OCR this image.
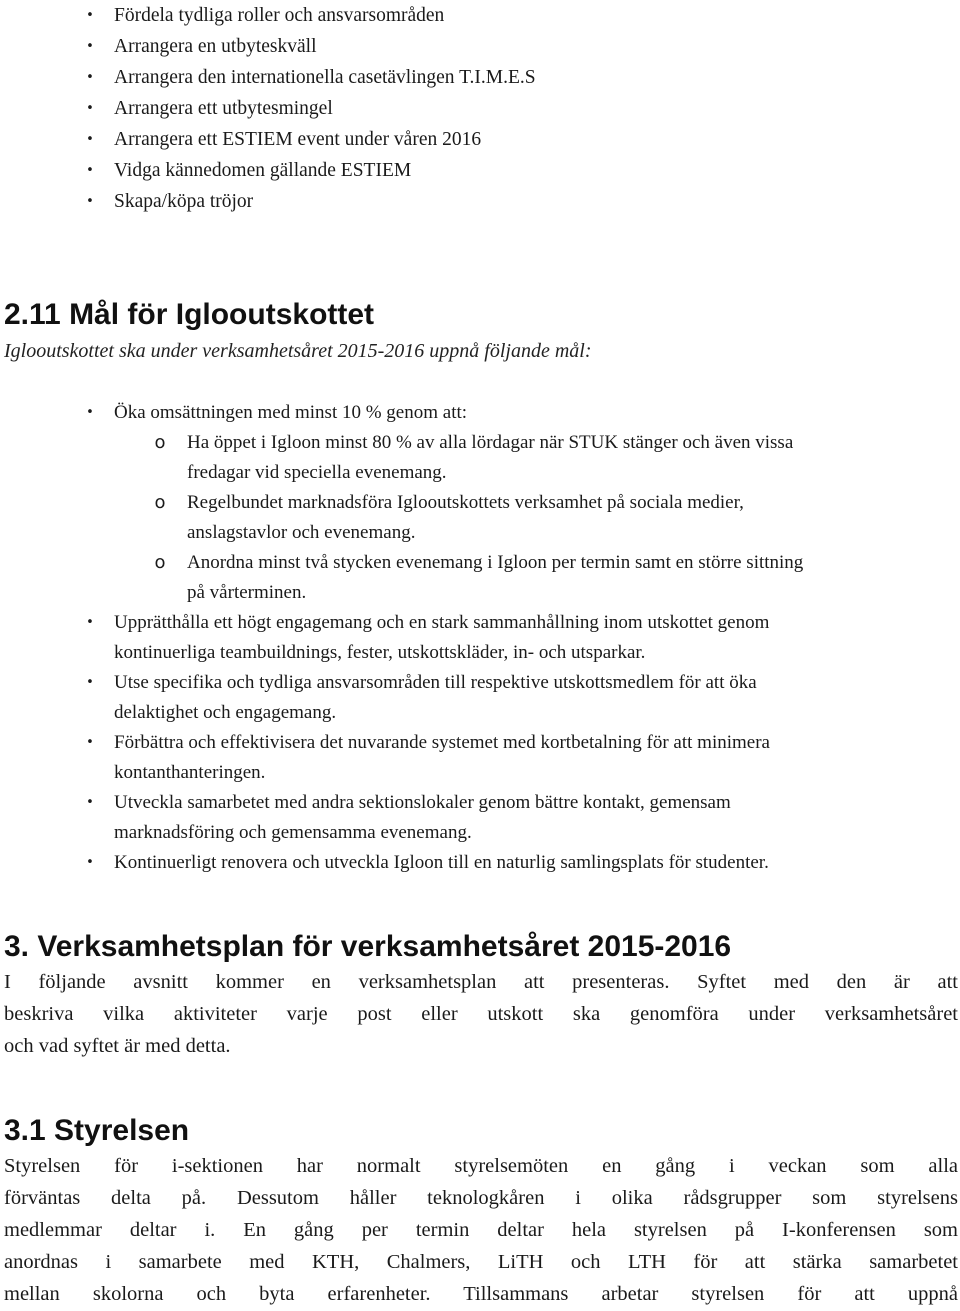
•	Fördela tydliga roller och ansvarsområden
•	Arrangera en utbyteskväll
•	Arrangera den internationella casetävlingen T.I.M.E.S
•	Arrangera ett utbytesmingel
•	Arrangera ett ESTIEM event under våren 2016
•	Vidga kännedomen gällande ESTIEM
•	Skapa/köpa tröjor
2.11 Mål för Iglooutskottet
Iglooutskottet ska under verksamhetsåret 2015-2016 uppnå följande mål:
•	Öka omsättningen med minst 10 % genom att:
o Ha öppet i Igloon minst 80 % av alla lördagar när STUK stänger och även vissa
fredagar vid speciella evenemang.
o Regelbundet marknadsföra Iglooutskottets verksamhet på sociala medier,
anslagstavlor och evenemang.
o Anordna minst två stycken evenemang i Igloon per termin samt en större sittning
på vårterminen.
•	Upprätthålla ett högt engagemang och en stark sammanhållning inom utskottet genom
kontinuerliga teambuildnings, fester, utskottskläder, in- och utsparkar.
•	Utse specifika och tydliga ansvarsområden till respektive utskottsmedlem för att öka
delaktighet och engagemang.
•	Förbättra och effektivisera det nuvarande systemet med kortbetalning för att minimera
kontanthanteringen.
•	Utveckla samarbetet med andra sektionslokaler genom bättre kontakt, gemensam
marknadsföring och gemensamma evenemang.
•	Kontinuerligt renovera och utveckla Igloon till en naturlig samlingsplats för studenter.
3. Verksamhetsplan för verksamhetsåret 2015-2016
I följande avsnitt kommer en verksamhetsplan att presenteras. Syftet med den är att
beskriva vilka aktiviteter varje post eller utskott ska genomföra under verksamhetsåret
och vad syftet är med detta.
3.1 Styrelsen
Styrelsen för i-sektionen har normalt styrelsemöten en gång i veckan som alla
förväntas delta på. Dessutom håller teknologkåren i olika rådsgrupper som styrelsens
medlemmar deltar i. En gång per termin deltar hela styrelsen på I-konferensen som
anordnas i samarbete med KTH, Chalmers, LiTH och LTH för att stärka samarbetet
mellan skolorna och byta erfarenheter. Tillsammans arbetar styrelsen för att uppnå
